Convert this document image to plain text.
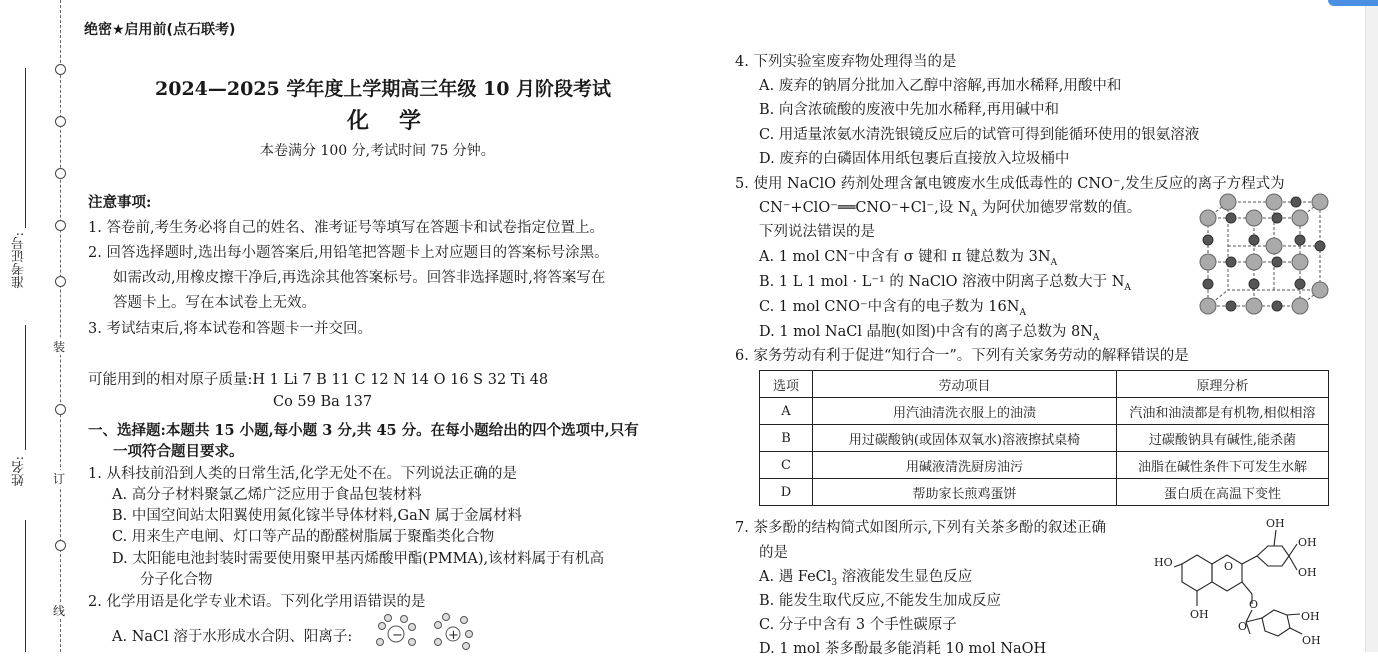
装
订
线
准考证号:
姓名:
绝密★启用前(点石联考)
2024—2025 学年度上学期高三年级 10 月阶段考试
化学
本卷满分 100 分,考试时间 75 分钟。
注意事项:
1. 答卷前,考生务必将自己的姓名、准考证号等填写在答题卡和试卷指定位置上。
2. 回答选择题时,选出每小题答案后,用铅笔把答题卡上对应题目的答案标号涂黑。
如需改动,用橡皮擦干净后,再选涂其他答案标号。回答非选择题时,将答案写在
答题卡上。写在本试卷上无效。
3. 考试结束后,将本试卷和答题卡一并交回。
可能用到的相对原子质量:H 1 Li 7 B 11 C 12 N 14 O 16 S 32 Ti 48
Co 59 Ba 137
一、选择题:本题共 15 小题,每小题 3 分,共 45 分。在每小题给出的四个选项中,只有
一项符合题目要求。
1. 从科技前沿到人类的日常生活,化学无处不在。下列说法正确的是
A. 高分子材料聚氯乙烯广泛应用于食品包装材料
B. 中国空间站太阳翼使用氮化镓半导体材料,GaN 属于金属材料
C. 用来生产电闸、灯口等产品的酚醛树脂属于聚酯类化合物
D. 太阳能电池封装时需要使用聚甲基丙烯酸甲酯(PMMA),该材料属于有机高
分子化合物
2. 化学用语是化学专业术语。下列化学用语错误的是
A. NaCl 溶于水形成水合阴、阳离子:	−	+
4. 下列实验室废弃物处理得当的是
A. 废弃的钠屑分批加入乙醇中溶解,再加水稀释,用酸中和
B. 向含浓硫酸的废液中先加水稀释,再用碱中和
C. 用适量浓氨水清洗银镜反应后的试管可得到能循环使用的银氨溶液
D. 废弃的白磷固体用纸包裹后直接放入垃圾桶中
5. 使用 NaClO 药剂处理含氰电镀废水生成低毒性的 CNO⁻,发生反应的离子方程式为
CN⁻+ClO⁻══CNO⁻+Cl⁻,设 $N_A$ 为阿伏加德罗常数的值。
下列说法错误的是
A. 1 mol CN⁻中含有 σ 键和 π 键总数为 $3N_A$
B. 1 L 1 mol · L⁻¹ 的 NaClO 溶液中阴离子总数大于 $N_A$
C. 1 mol CNO⁻中含有的电子数为 $16N_A$
D. 1 mol NaCl 晶胞(如图)中含有的离子总数为 $8N_A$
6. 家务劳动有利于促进“知行合一”。下列有关家务劳动的解释错误的是
选项	劳动项目	原理分析
A	用汽油清洗衣服上的油渍	汽油和油渍都是有机物,相似相溶
B	用过碳酸钠(或固体双氧水)溶液擦拭桌椅	过碳酸钠具有碱性,能杀菌
C	用碱液清洗厨房油污	油脂在碱性条件下可发生水解
D	帮助家长煎鸡蛋饼	蛋白质在高温下变性
7. 茶多酚的结构简式如图所示,下列有关茶多酚的叙述正确
的是
A. 遇 FeCl$_3$ 溶液能发生显色反应
B. 能发生取代反应,不能发生加成反应
C. 分子中含有 3 个手性碳原子
D. 1 mol 茶多酚最多能消耗 10 mol NaOH
HO
OH
O
OH
OH
OH
O
O
OH
OH
